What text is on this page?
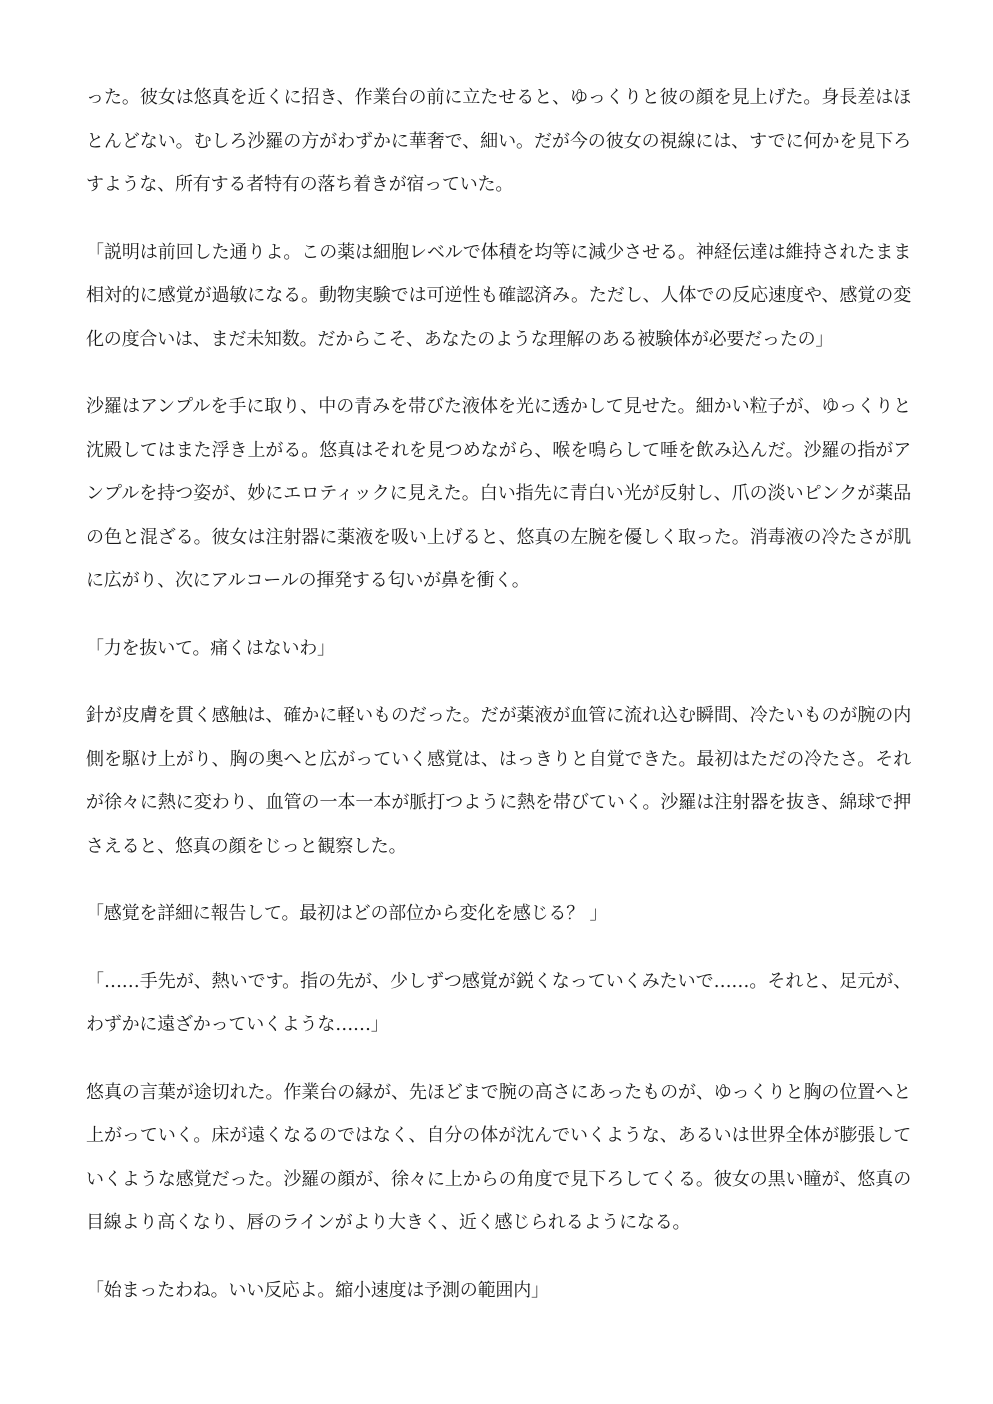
った。彼女は悠真を近くに招き、作業台の前に立たせると、ゆっくりと彼の顔を見上げた。身長差はほとんどない。むしろ沙羅の方がわずかに華奢で、細い。だが今の彼女の視線には、すでに何かを見下ろすような、所有する者特有の落ち着きが宿っていた。

「説明は前回した通りよ。この薬は細胞レベルで体積を均等に減少させる。神経伝達は維持されたまま相対的に感覚が過敏になる。動物実験では可逆性も確認済み。ただし、人体での反応速度や、感覚の変化の度合いは、まだ未知数。だからこそ、あなたのような理解のある被験体が必要だったの」

沙羅はアンプルを手に取り、中の青みを帯びた液体を光に透かして見せた。細かい粒子が、ゆっくりと沈殿してはまた浮き上がる。悠真はそれを見つめながら、喉を鳴らして唾を飲み込んだ。沙羅の指がアンプルを持つ姿が、妙にエロティックに見えた。白い指先に青白い光が反射し、爪の淡いピンクが薬品の色と混ざる。彼女は注射器に薬液を吸い上げると、悠真の左腕を優しく取った。消毒液の冷たさが肌に広がり、次にアルコールの揮発する匂いが鼻を衝く。

「力を抜いて。痛くはないわ」

針が皮膚を貫く感触は、確かに軽いものだった。だが薬液が血管に流れ込む瞬間、冷たいものが腕の内側を駆け上がり、胸の奥へと広がっていく感覚は、はっきりと自覚できた。最初はただの冷たさ。それが徐々に熱に変わり、血管の一本一本が脈打つように熱を帯びていく。沙羅は注射器を抜き、綿球で押さえると、悠真の顔をじっと観察した。

「感覚を詳細に報告して。最初はどの部位から変化を感じる？ 」

「……手先が、熱いです。指の先が、少しずつ感覚が鋭くなっていくみたいで……。それと、足元が、わずかに遠ざかっていくような……」

悠真の言葉が途切れた。作業台の縁が、先ほどまで腕の高さにあったものが、ゆっくりと胸の位置へと上がっていく。床が遠くなるのではなく、自分の体が沈んでいくような、あるいは世界全体が膨張していくような感覚だった。沙羅の顔が、徐々に上からの角度で見下ろしてくる。彼女の黒い瞳が、悠真の目線より高くなり、唇のラインがより大きく、近く感じられるようになる。

「始まったわね。いい反応よ。縮小速度は予測の範囲内」
